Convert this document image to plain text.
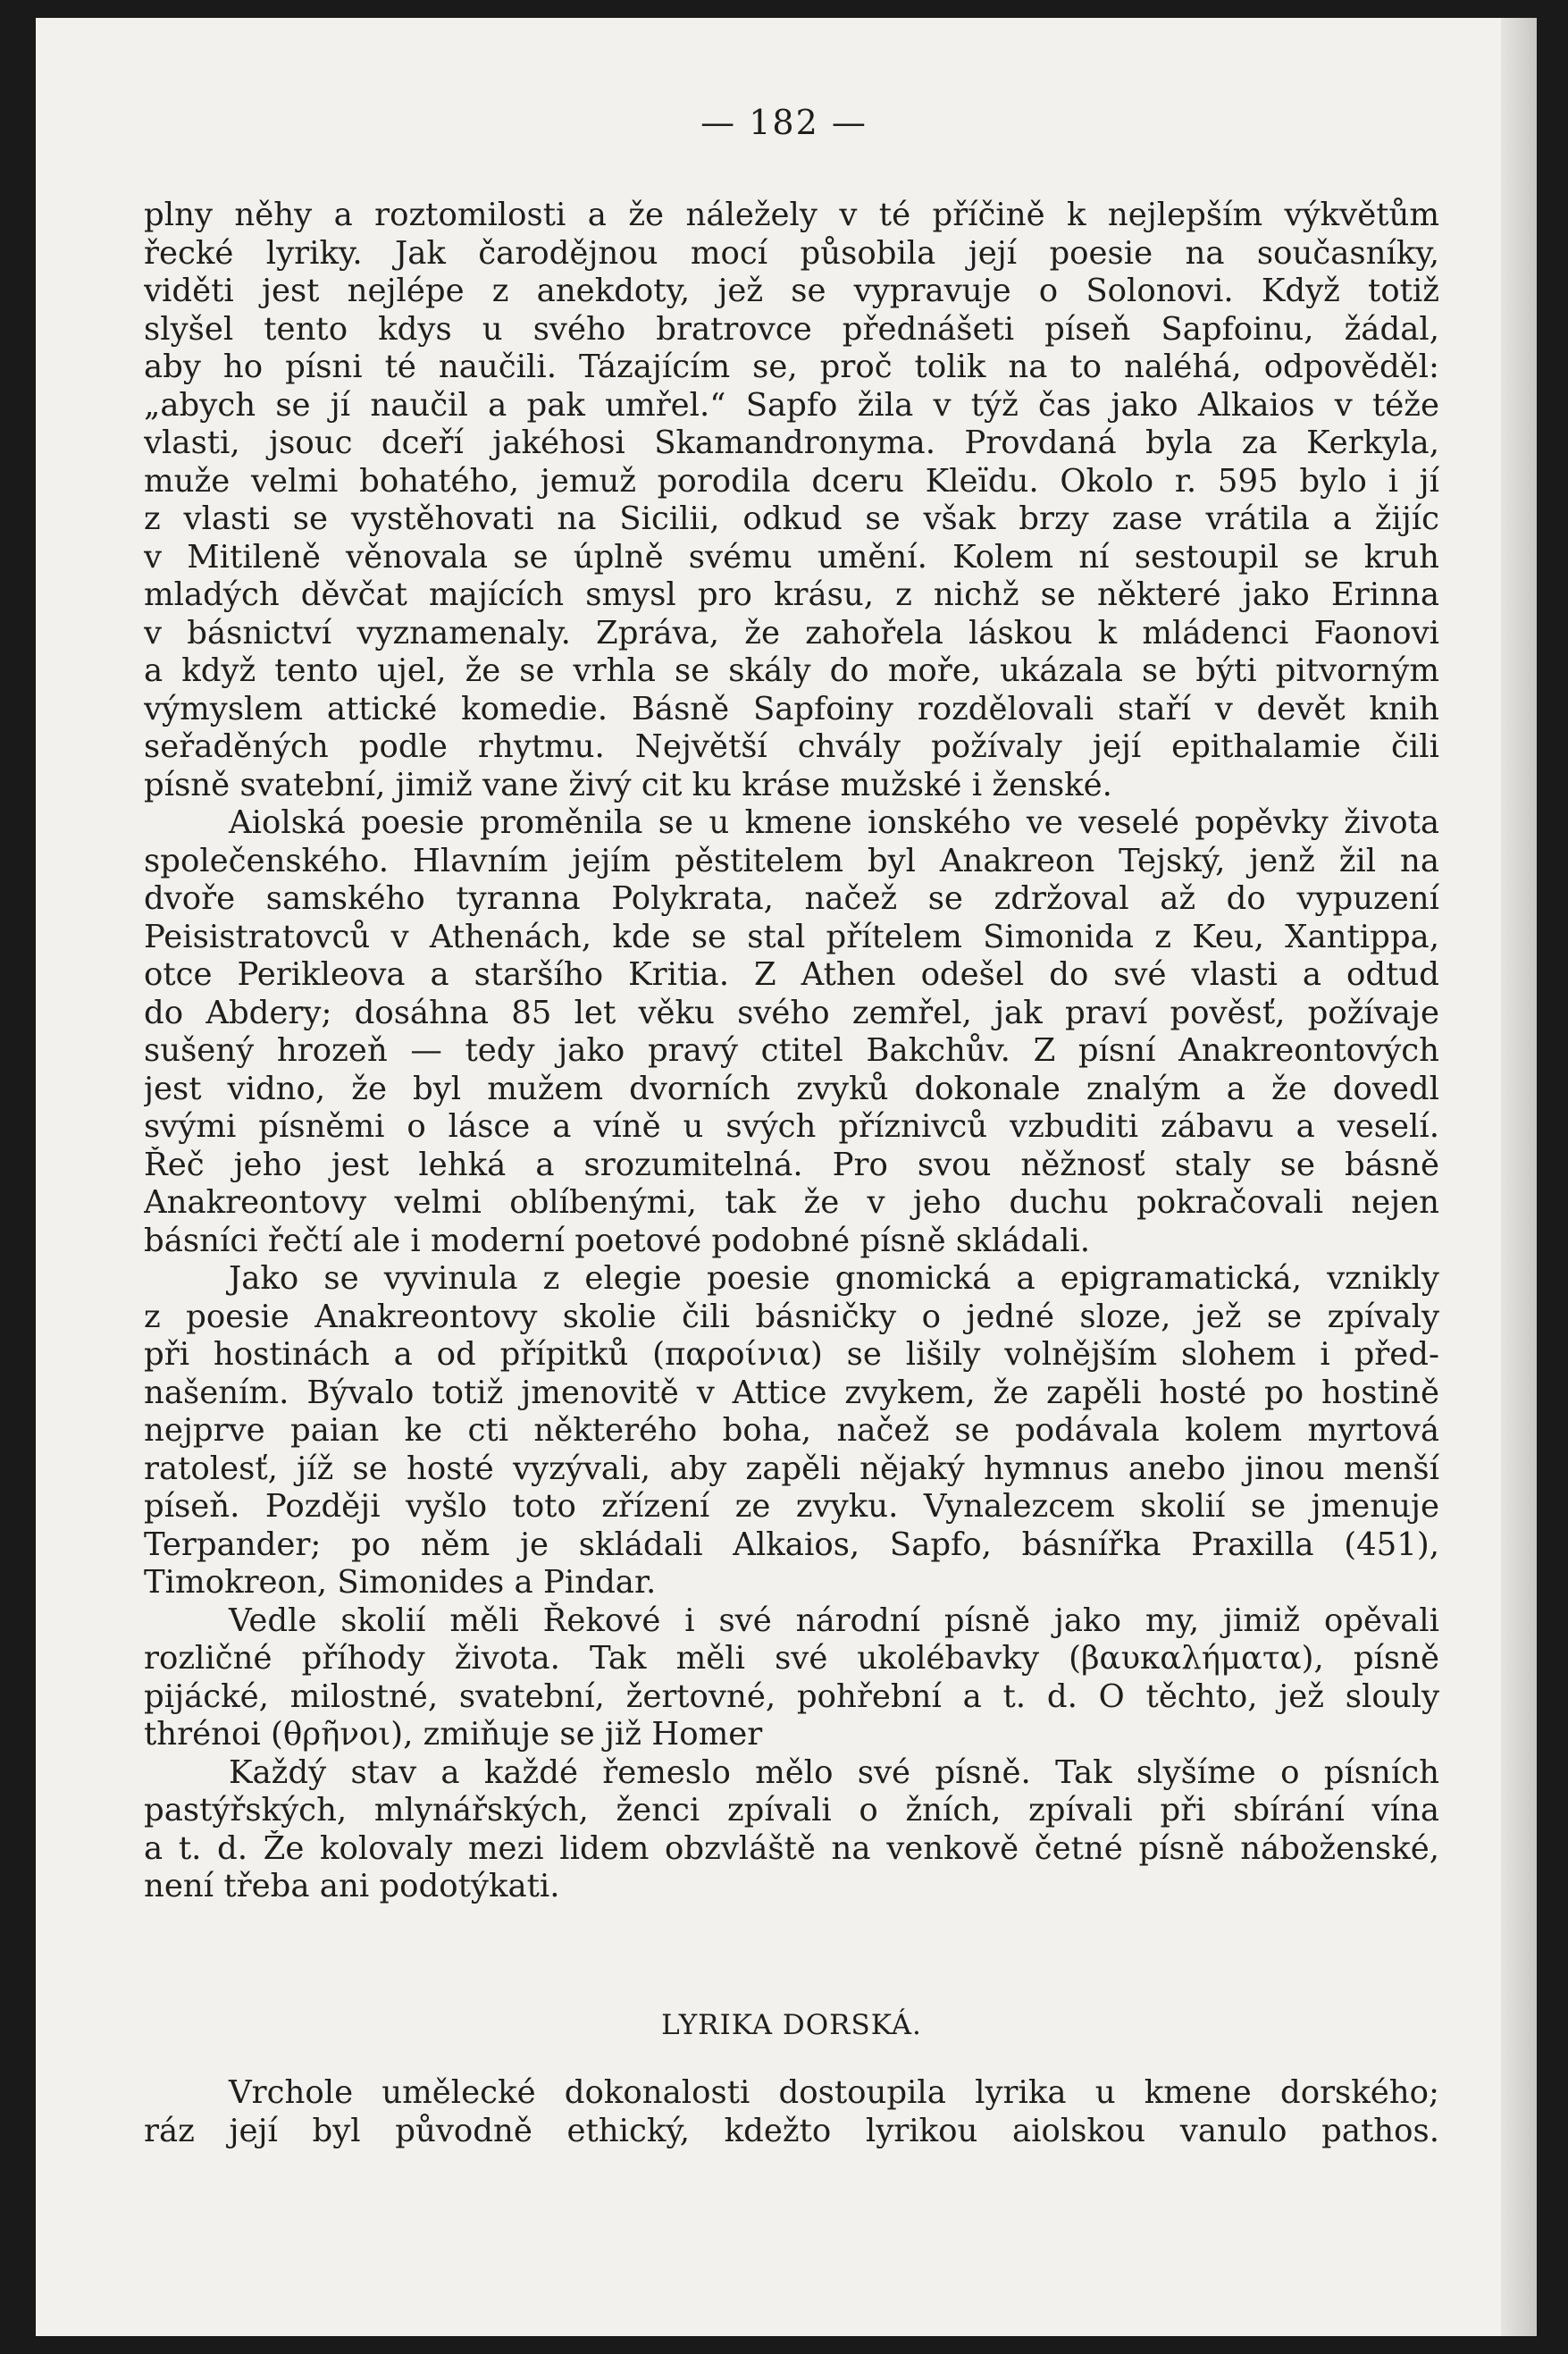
— 182 —

plny něhy a roztomilosti a že náležely v té příčině k nejlepším výkvětům
řecké lyriky. Jak čarodějnou mocí působila její poesie na současníky,
viděti jest nejlépe z anekdoty, jež se vypravuje o Solonovi. Když totiž
slyšel tento kdys u svého bratrovce přednášeti píseň Sapfoinu, žádal,
aby ho písni té naučili. Tázajícím se, proč tolik na to naléhá, odpověděl:
„abych se jí naučil a pak umřel.“ Sapfo žila v týž čas jako Alkaios v téže
vlasti, jsouc dceří jakéhosi Skamandronyma. Provdaná byla za Kerkyla,
muže velmi bohatého, jemuž porodila dceru Kleïdu. Okolo r. 595 bylo i jí
z vlasti se vystěhovati na Sicilii, odkud se však brzy zase vrátila a žijíc
v Mitileně věnovala se úplně svému umění. Kolem ní sestoupil se kruh
mladých děvčat majících smysl pro krásu, z nichž se některé jako Erinna
v básnictví vyznamenaly. Zpráva, že zahořela láskou k mládenci Faonovi
a když tento ujel, že se vrhla se skály do moře, ukázala se býti pitvorným
výmyslem attické komedie. Básně Sapfoiny rozdělovali staří v devět knih
seřaděných podle rhytmu. Největší chvály požívaly její epithalamie čili
písně svatební, jimiž vane živý cit ku kráse mužské i ženské.

Aiolská poesie proměnila se u kmene ionského ve veselé popěvky života
společenského. Hlavním jejím pěstitelem byl Anakreon Tejský, jenž žil na
dvoře samského tyranna Polykrata, načež se zdržoval až do vypuzení
Peisistratovců v Athenách, kde se stal přítelem Simonida z Keu, Xantippa,
otce Perikleova a staršího Kritia. Z Athen odešel do své vlasti a odtud
do Abdery; dosáhna 85 let věku svého zemřel, jak praví pověsť, požívaje
sušený hrozeň — tedy jako pravý ctitel Bakchův. Z písní Anakreontových
jest vidno, že byl mužem dvorních zvyků dokonale znalým a že dovedl
svými písněmi o lásce a víně u svých příznivců vzbuditi zábavu a veselí.
Řeč jeho jest lehká a srozumitelná. Pro svou něžnosť staly se básně
Anakreontovy velmi oblíbenými, tak že v jeho duchu pokračovali nejen
básníci řečtí ale i moderní poetové podobné písně skládali.

Jako se vyvinula z elegie poesie gnomická a epigramatická, vznikly
z poesie Anakreontovy skolie čili básničky o jedné sloze, jež se zpívaly
při hostinách a od přípitků (παροίνια) se lišily volnějším slohem i před-
našením. Bývalo totiž jmenovitě v Attice zvykem, že zapěli hosté po hostině
nejprve paian ke cti některého boha, načež se podávala kolem myrtová
ratolesť, jíž se hosté vyzývali, aby zapěli nějaký hymnus anebo jinou menší
píseň. Později vyšlo toto zřízení ze zvyku. Vynalezcem skolií se jmenuje
Terpander; po něm je skládali Alkaios, Sapfo, básnířka Praxilla (451),
Timokreon, Simonides a Pindar.

Vedle skolií měli Řekové i své národní písně jako my, jimiž opěvali
rozličné příhody života. Tak měli své ukolébavky (βαυκαλήματα), písně
pijácké, milostné, svatební, žertovné, pohřební a t. d. O těchto, jež slouly
thrénoi (θρῆνοι), zmiňuje se již Homer

Každý stav a každé řemeslo mělo své písně. Tak slyšíme o písních
pastýřských, mlynářských, ženci zpívali o žních, zpívali při sbírání vína
a t. d. Že kolovaly mezi lidem obzvláště na venkově četné písně náboženské,
není třeba ani podotýkati.

LYRIKA DORSKÁ.

Vrchole umělecké dokonalosti dostoupila lyrika u kmene dorského;
ráz její byl původně ethický, kdežto lyrikou aiolskou vanulo pathos.
